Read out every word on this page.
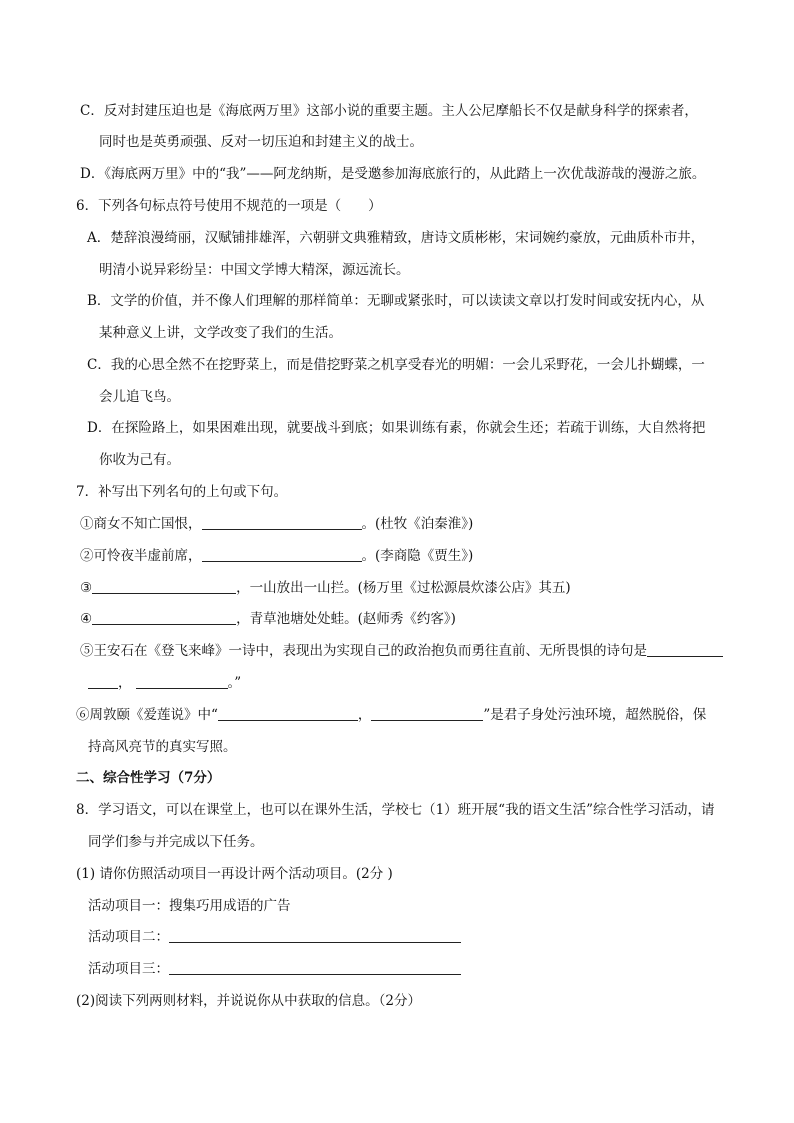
C．反对封建压迫也是《海底两万里》这部小说的重要主题。主人公尼摩船长不仅是献身科学的探索者，
同时也是英勇顽强、反对一切压迫和封建主义的战士。
D．《海底两万里》中的“我”——阿龙纳斯，是受邀参加海底旅行的，从此踏上一次优哉游哉的漫游之旅。
6．下列各句标点符号使用不规范的一项是（　　）
A．楚辞浪漫绮丽，汉赋铺排雄浑，六朝骈文典雅精致，唐诗文质彬彬，宋词婉约豪放，元曲质朴市井，
明清小说异彩纷呈：中国文学博大精深，源远流长。
B．文学的价值，并不像人们理解的那样简单：无聊或紧张时，可以读读文章以打发时间或安抚内心，从
某种意义上讲，文学改变了我们的生活。
C．我的心思全然不在挖野菜上，而是借挖野菜之机享受春光的明媚：一会儿采野花，一会儿扑蝴蝶，一
会儿追飞鸟。
D．在探险路上，如果困难出现，就要战斗到底；如果训练有素，你就会生还；若疏于训练，大自然将把
你收为己有。
7．补写出下列名句的上句或下句。
①商女不知亡国恨，	。(杜牧《泊秦淮》)
②可怜夜半虚前席，	。(李商隐《贾生》)
③	，一山放出一山拦。(杨万里《过松源晨炊漆公店》其五)
④	，青草池塘处处蛙。(赵师秀《约客》)
⑤王安石在《登飞来峰》一诗中，表现出为实现自己的政治抱负而勇往直前、无所畏惧的诗句是
，	。”
⑥周敦颐《爱莲说》中“	，	”是君子身处污浊环境，超然脱俗，保
持高风亮节的真实写照。
二、综合性学习（7分）
8．学习语文，可以在课堂上，也可以在课外生活，学校七（1）班开展“我的语文生活”综合性学习活动，请
同学们参与并完成以下任务。
(1) 请你仿照活动项目一再设计两个活动项目。(2分 )
活动项目一：搜集巧用成语的广告
活动项目二：
活动项目三：
(2)阅读下列两则材料，并说说你从中获取的信息。（2分）
